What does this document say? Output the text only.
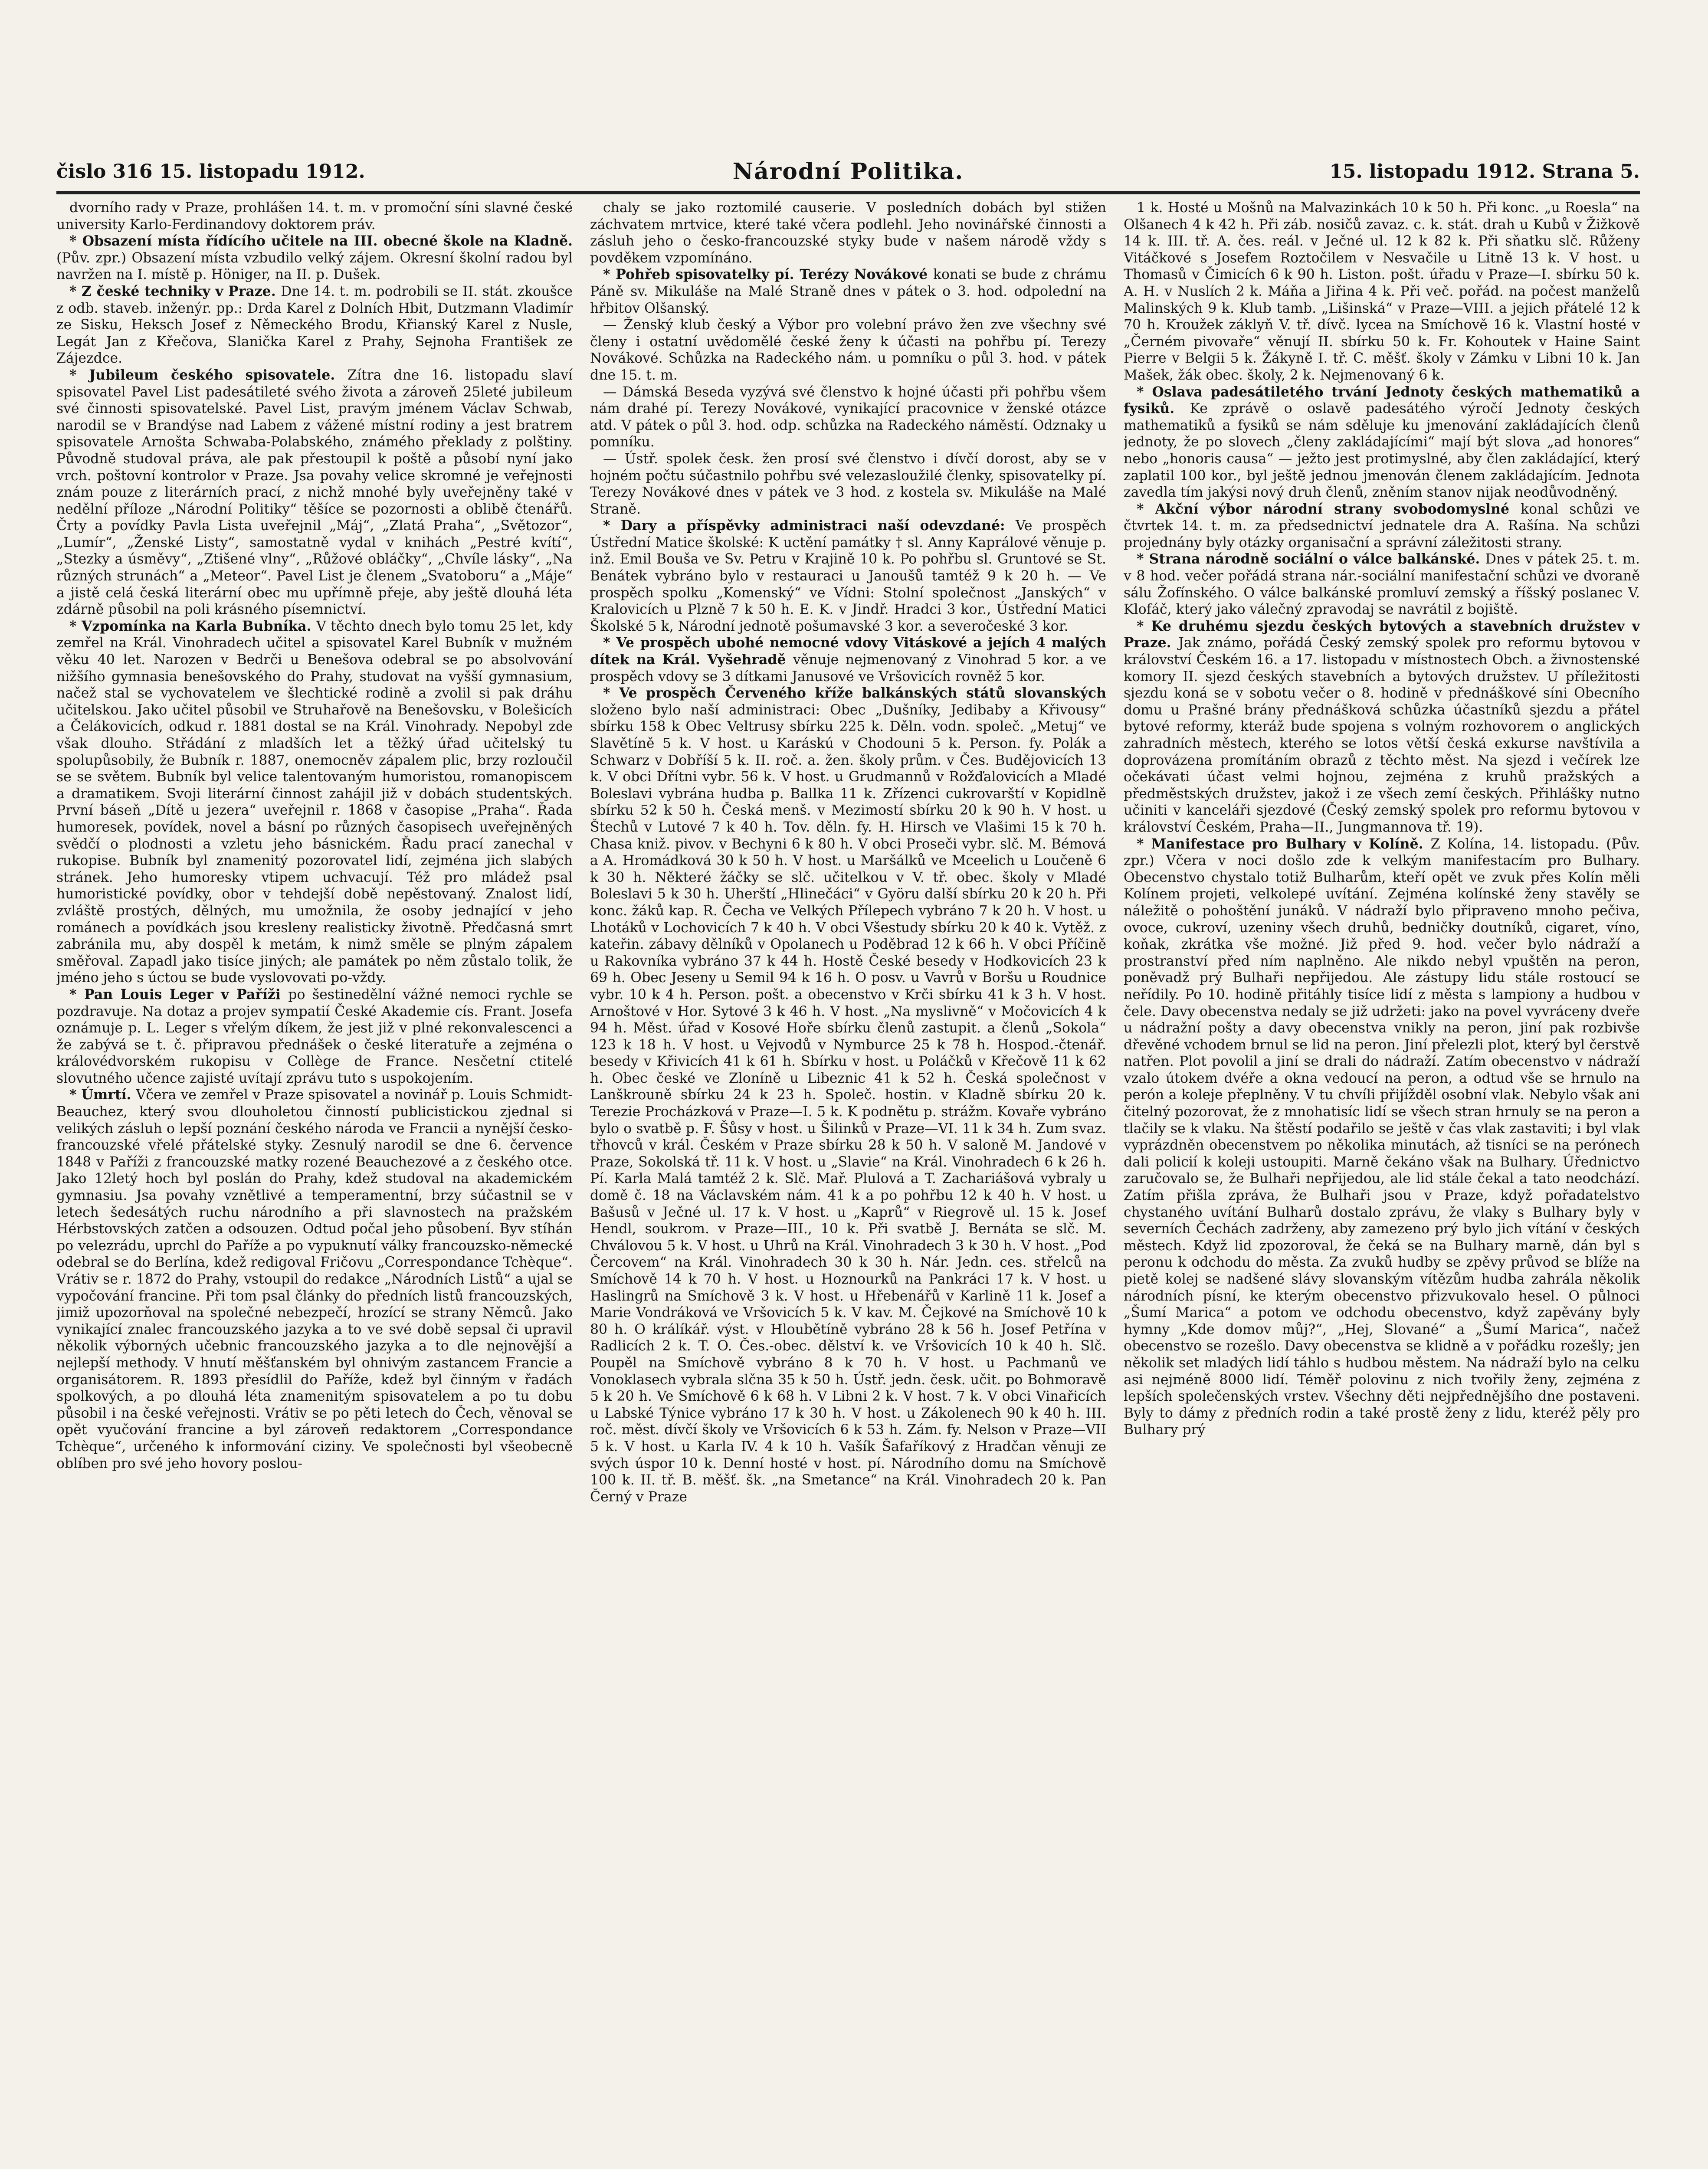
čislo 316 15. listopadu 1912.	Národní Politika.	15. listopadu 1912. Strana 5.

dvorního rady v Praze, prohlášen 14. t. m. v promoční síni slavné české university Karlo-Ferdinandovy doktorem práv.

* Obsazení místa řídícího učitele na III. obecné škole na Kladně. (Pův. zpr.) Obsazení místa vzbudilo velký zájem. Okresní školní radou byl navržen na I. místě p. Höniger, na II. p. Dušek.

* Z české techniky v Praze. Dne 14. t. m. podrobili se II. stát. zkoušce z odb. staveb. inženýr. pp.: Drda Karel z Dolních Hbit, Dutzmann Vladimír ze Sisku, Heksch Josef z Německého Brodu, Křianský Karel z Nusle, Legát Jan z Křečova, Slanička Karel z Prahy, Sejnoha František ze Zájezdce.

* Jubileum českého spisovatele. Zítra dne 16. listopadu slaví spisovatel Pavel List padesátileté svého života a zároveň 25leté jubileum své činnosti spisovatelské. Pavel List, pravým jménem Václav Schwab, narodil se v Brandýse nad Labem z vážené místní rodiny a jest bratrem spisovatele Arnošta Schwaba-Polabského, známého překlady z polštiny. Původně studoval práva, ale pak přestoupil k poště a působí nyní jako vrch. poštovní kontrolor v Praze. Jsa povahy velice skromné je veřejnosti znám pouze z literárních prací, z nichž mnohé byly uveřejněny také v nedělní příloze „Národní Politiky“ těšíce se pozornosti a oblibě čtenářů. Črty a povídky Pavla Lista uveřejnil „Máj“, „Zlatá Praha“, „Světozor“, „Lumír“, „Ženské Listy“, samostatně vydal v knihách „Pestré kvítí“, „Stezky a úsměvy“, „Ztišené vlny“, „Růžové obláčky“, „Chvíle lásky“, „Na různých strunách“ a „Meteor“. Pavel List je členem „Svatoboru“ a „Máje“ a jistě celá česká literární obec mu upřímně přeje, aby ještě dlouhá léta zdárně působil na poli krásného písemnictví.

* Vzpomínka na Karla Bubníka. V těchto dnech bylo tomu 25 let, kdy zemřel na Král. Vinohradech učitel a spisovatel Karel Bubník v mužném věku 40 let. Narozen v Bedrči u Benešova odebral se po absolvování nižšího gymnasia benešovského do Prahy, studovat na vyšší gymnasium, načež stal se vychovatelem ve šlechtické rodině a zvolil si pak dráhu učitelskou. Jako učitel působil ve Struhařově na Benešovsku, v Bolešicích a Čelákovicích, odkud r. 1881 dostal se na Král. Vinohrady. Nepobyl zde však dlouho. Střádání z mladších let a těžký úřad učitelský tu spolupůsobily, že Bubník r. 1887, onemocněv zápalem plic, brzy rozloučil se se světem. Bubník byl velice talentovaným humoristou, romanopiscem a dramatikem. Svoji literární činnost zahájil již v dobách studentských. První báseň „Dítě u jezera“ uveřejnil r. 1868 v časopise „Praha“. Řada humoresek, povídek, novel a básní po různých časopisech uveřejněných svědčí o plodnosti a vzletu jeho básnickém. Řadu prací zanechal v rukopise. Bubník byl znamenitý pozorovatel lidí, zejména jich slabých stránek. Jeho humoresky vtipem uchvacují. Též pro mládež psal humoristické povídky, obor v tehdejší době nepěstovaný. Znalost lidí, zvláště prostých, dělných, mu umožnila, že osoby jednající v jeho románech a povídkách jsou kresleny realisticky životně. Předčasná smrt zabránila mu, aby dospěl k metám, k nimž směle se plným zápalem směřoval. Zapadl jako tisíce jiných; ale památek po něm zůstalo tolik, že jméno jeho s úctou se bude vyslovovati po-vždy.

* Pan Louis Leger v Paříži po šestinedělní vážné nemoci rychle se pozdravuje. Na dotaz a projev sympatií České Akademie cís. Frant. Josefa oznámuje p. L. Leger s vřelým díkem, že jest již v plné rekonvalescenci a že zabývá se t. č. připravou přednášek o české literatuře a zejména o královédvorském rukopisu v Collège de France. Nesčetní ctitelé slovutného učence zajisté uvítají zprávu tuto s uspokojením.

* Úmrtí. Včera ve zemřel v Praze spisovatel a novinář p. Louis Schmidt-Beauchez, který svou dlouholetou činností publicistickou zjednal si velikých zásluh o lepší poznání českého národa ve Francii a nynější česko-francouzské vřelé přátelské styky. Zesnulý narodil se dne 6. července 1848 v Paříži z francouzské matky rozené Beauchezové a z českého otce. Jako 12letý hoch byl poslán do Prahy, kdež studoval na akademickém gymnasiu. Jsa povahy vznětlivé a temperamentní, brzy súčastnil se v letech šedesátých ruchu národního a při slavnostech na pražském Hérbstovských zatčen a odsouzen. Odtud počal jeho působení. Byv stíhán po velezrádu, uprchl do Paříže a po vypuknutí války francouzsko-německé odebral se do Berlína, kdež redigoval Fričovu „Correspondance Tchèque“. Vrátiv se r. 1872 do Prahy, vstoupil do redakce „Národních Listů“ a ujal se vypočování francine. Při tom psal články do předních listů francouzských, jimiž upozorňoval na společné nebezpečí, hrozící se strany Němců. Jako vynikající znalec francouzského jazyka a to ve své době sepsal či upravil několik výborných učebnic francouzského jazyka a to dle nejnovější a nejlepší methody. V hnutí měšťanském byl ohnivým zastancem Francie a organisátorem. R. 1893 přesídlil do Paříže, kdež byl činným v řadách spolkových, a po dlouhá léta znamenitým spisovatelem a po tu dobu působil i na české veřejnosti. Vrátiv se po pěti letech do Čech, věnoval se opět vyučování francine a byl zároveň redaktorem „Correspondance Tchèque“, určeného k informování ciziny. Ve společnosti byl všeobecně oblíben pro své jeho hovory poslou-

chaly se jako roztomilé causerie. V posledních dobách byl stižen záchvatem mrtvice, které také včera podlehl. Jeho novinářské činnosti a zásluh jeho o česko-francouzské styky bude v našem národě vždy s povděkem vzpomínáno.

* Pohřeb spisovatelky pí. Terézy Novákové konati se bude z chrámu Páně sv. Mikuláše na Malé Straně dnes v pátek o 3. hod. odpolední na hřbitov Olšanský.

— Ženský klub český a Výbor pro volební právo žen zve všechny své členy i ostatní uvědomělé české ženy k účasti na pohřbu pí. Terezy Novákové. Schůzka na Radeckého nám. u pomníku o půl 3. hod. v pátek dne 15. t. m.

— Dámská Beseda vyzývá své členstvo k hojné účasti při pohřbu všem nám drahé pí. Terezy Novákové, vynikající pracovnice v ženské otázce atd. V pátek o půl 3. hod. odp. schůzka na Radeckého náměstí. Odznaky u pomníku.

— Ústř. spolek česk. žen prosí své členstvo i dívčí dorost, aby se v hojném počtu súčastnilo pohřbu své velezasloužilé členky, spisovatelky pí. Terezy Novákové dnes v pátek ve 3 hod. z kostela sv. Mikuláše na Malé Straně.

* Dary a příspěvky administraci naší odevzdané: Ve prospěch Ústřední Matice školské: K uctění památky † sl. Anny Kaprálové věnuje p. inž. Emil Bouša ve Sv. Petru v Krajině 10 k. Po pohřbu sl. Gruntové se St. Benátek vybráno bylo v restauraci u Janoušů tamtéž 9 k 20 h. — Ve prospěch spolku „Komenský“ ve Vídni: Stolní společnost „Janských“ v Kralovicích u Plzně 7 k 50 h. E. K. v Jindř. Hradci 3 kor., Ústřední Matici Školské 5 k, Národní jednotě pošumavské 3 kor. a severočeské 3 kor.

* Ve prospěch ubohé nemocné vdovy Vitáskové a jejích 4 malých dítek na Král. Vyšehradě věnuje nejmenovaný z Vinohrad 5 kor. a ve prospěch vdovy se 3 dítkami Janusové ve Vršovicích rovněž 5 kor.

* Ve prospěch Červeného kříže balkánských států slovanských složeno bylo naší administraci: Obec „Dušníky, Jedibaby a Křivousy“ sbírku 158 k Obec Veltrusy sbírku 225 k. Děln. vodn. společ. „Metuj“ ve Slavětíně 5 k. V host. u Karáskú v Chodouni 5 k. Person. fy. Polák a Schwarz v Dobříší 5 k. II. roč. a. žen. školy prům. v Čes. Budějovicích 13 k. V obci Dřítni vybr. 56 k. V host. u Grudmannů v Rožďalovicích a Mladé Boleslavi vybrána hudba p. Ballka 11 k. Zřízenci cukrovarští v Kopidlně sbírku 52 k 50 h. Česká menš. v Mezimostí sbírku 20 k 90 h. V host. u Štechů v Lutové 7 k 40 h. Tov. děln. fy. H. Hirsch ve Vlašimi 15 k 70 h. Chasa kniž. pivov. v Bechyni 6 k 80 h. V obci Proseči vybr. slč. M. Bémová a A. Hromádková 30 k 50 h. V host. u Maršálků ve Mceelich u Loučeně 6 k 30 h. Některé žáčky se slč. učitelkou v V. tř. obec. školy v Mladé Boleslavi 5 k 30 h. Uherští „Hlinečáci“ v Györu další sbírku 20 k 20 h. Při konc. žáků kap. R. Čecha ve Velkých Přílepech vybráno 7 k 20 h. V host. u Lhotáků v Lochovicích 7 k 40 h. V obci Všestudy sbírku 20 k 40 k. Vytěž. z kateřin. zábavy dělníků v Opolanech u Poděbrad 12 k 66 h. V obci Příčině u Rakovníka vybráno 37 k 44 h. Hostě České besedy v Hodkovicích 23 k 69 h. Obec Jeseny u Semil 94 k 16 h. O posv. u Vavrů v Boršu u Roudnice vybr. 10 k 4 h. Person. pošt. a obecenstvo v Krči sbírku 41 k 3 h. V host. Arnoštové v Hor. Sytové 3 k 46 h. V host. „Na myslivně“ v Močovicích 4 k 94 h. Měst. úřad v Kosové Hoře sbírku členů zastupit. a členů „Sokola“ 123 k 18 h. V host. u Vejvodů v Nymburce 25 k 78 h. Hospod.-čtenář. besedy v Křivicích 41 k 61 h. Sbírku v host. u Poláčků v Křečově 11 k 62 h. Obec české ve Zloníně u Libeznic 41 k 52 h. Česká společnost v Lanškrouně sbírku 24 k 23 h. Společ. hostin. v Kladně sbírku 20 k. Terezie Procházková v Praze—I. 5 k. K podnětu p. strážm. Kovaře vybráno bylo o svatbě p. F. Šůsy v host. u Šilinků v Praze—VI. 11 k 34 h. Zum svaz. třhovců v král. Českém v Praze sbírku 28 k 50 h. V saloně M. Jandové v Praze, Sokolská tř. 11 k. V host. u „Slavie“ na Král. Vinohradech 6 k 26 h. Pí. Karla Malá tamtéž 2 k. Slč. Mař. Plulová a T. Zachariášová vybraly u domě č. 18 na Václavském nám. 41 k a po pohřbu 12 k 40 h. V host. u Bašusů v Ječné ul. 17 k. V host. u „Kaprů“ v Riegrově ul. 15 k. Josef Hendl, soukrom. v Praze—III., 10 k. Při svatbě J. Bernáta se slč. M. Chválovou 5 k. V host. u Uhrů na Král. Vinohradech 3 k 30 h. V host. „Pod Čercovem“ na Král. Vinohradech 30 k 30 h. Nár. Jedn. ces. střelců na Smíchově 14 k 70 h. V host. u Hoznourků na Pankráci 17 k. V host. u Haslingrů na Smíchově 3 k. V host. u Hřebenářů v Karlině 11 k. Josef a Marie Vondráková ve Vršovicích 5 k. V kav. M. Čejkové na Smíchově 10 k 80 h. O králíkář. výst. v Hloubětíně vybráno 28 k 56 h. Josef Petřína v Radlicích 2 k. T. O. Čes.-obec. dělství k. ve Vršovicích 10 k 40 h. Slč. Poupěl na Smíchově vybráno 8 k 70 h. V host. u Pachmanů ve Vonoklasech vybrala slčna 35 k 50 h. Ústř. jedn. česk. učit. po Bohmoravě 5 k 20 h. Ve Smíchově 6 k 68 h. V Libni 2 k. V host. 7 k. V obci Vinařicích u Labské Týnice vybráno 17 k 30 h. V host. u Zákolenech 90 k 40 h. III. roč. měst. dívčí školy ve Vršovicích 6 k 53 h. Zám. fy. Nelson v Praze—VII 5 k. V host. u Karla IV. 4 k 10 h. Vašík Šafaříkový z Hradčan věnuji ze svých úspor 10 k. Denní hosté v host. pí. Národního domu na Smíchově 100 k. II. tř. B. měšť. šk. „na Smetance“ na Král. Vinohradech 20 k. Pan Černý v Praze

1 k. Hosté u Mošnů na Malvazinkách 10 k 50 h. Při konc. „u Roesla“ na Olšanech 4 k 42 h. Při záb. nosičů zavaz. c. k. stát. drah u Kubů v Žižkově 14 k. III. tř. A. čes. reál. v Ječné ul. 12 k 82 k. Při sňatku slč. Růženy Vitáčkové s Josefem Roztočilem v Nesvačile u Litně 13 k. V host. u Thomasů v Čimicích 6 k 90 h. Liston. pošt. úřadu v Praze—I. sbírku 50 k. A. H. v Nuslích 2 k. Máňa a Jiřina 4 k. Při več. pořád. na počest manželů Malinských 9 k. Klub tamb. „Lišinská“ v Praze—VIII. a jejich přátelé 12 k 70 h. Kroužek záklyň V. tř. dívč. lycea na Smíchově 16 k. Vlastní hosté v „Černém pivovaře“ věnují II. sbírku 50 k. Fr. Kohoutek v Haine Saint Pierre v Belgii 5 k. Žákyně I. tř. C. měšť. školy v Zámku v Libni 10 k. Jan Mašek, žák obec. školy, 2 k. Nejmenovaný 6 k.

* Oslava padesátiletého trvání Jednoty českých mathematiků a fysiků. Ke zprávě o oslavě padesátého výročí Jednoty českých mathematiků a fysiků se nám sděluje ku jmenování zakládajících členů jednoty, že po slovech „členy zakládajícími“ mají být slova „ad honores“ nebo „honoris causa“ — ježto jest protimyslné, aby člen zakládající, který zaplatil 100 kor., byl ještě jednou jmenován členem zakládajícím. Jednota zavedla tím jakýsi nový druh členů, zněním stanov nijak neodůvodněný.

* Akční výbor národní strany svobodomyslné konal schůzi ve čtvrtek 14. t. m. za předsednictví jednatele dra A. Rašína. Na schůzi projednány byly otázky organisační a správní záležitosti strany.

* Strana národně sociální o válce balkánské. Dnes v pátek 25. t. m. v 8 hod. večer pořádá strana nár.-sociální manifestační schůzi ve dvoraně sálu Žofínského. O válce balkánské promluví zemský a říšský poslanec V. Klofáč, který jako válečný zpravodaj se navrátil z bojiště.

* Ke druhému sjezdu českých bytových a stavebních družstev v Praze. Jak známo, pořádá Český zemský spolek pro reformu bytovou v království Českém 16. a 17. listopadu v místnostech Obch. a živnostenské komory II. sjezd českých stavebních a bytových družstev. U příležitosti sjezdu koná se v sobotu večer o 8. hodině v přednáškové síni Obecního domu u Prašné brány přednášková schůzka účastníků sjezdu a přátel bytové reformy, kteráž bude spojena s volným rozhovorem o anglických zahradních městech, kterého se lotos větší česká exkurse navštívila a doprovázena promítáním obrazů z těchto měst. Na sjezd i večírek lze očekávati účast velmi hojnou, zejména z kruhů pražských a předměstských družstev, jakož i ze všech zemí českých. Přihlášky nutno učiniti v kanceláři sjezdové (Český zemský spolek pro reformu bytovou v království Českém, Praha—II., Jungmannova tř. 19).

* Manifestace pro Bulhary v Kolíně. Z Kolína, 14. listopadu. (Pův. zpr.) Včera v noci došlo zde k velkým manifestacím pro Bulhary. Obecenstvo chystalo totiž Bulharům, kteří opět ve zvuk přes Kolín měli Kolínem projeti, velkolepé uvítání. Zejména kolínské ženy stavěly se náležitě o pohoštění junáků. V nádraží bylo připraveno mnoho pečiva, ovoce, cukroví, uzeniny všech druhů, bedničky doutníků, cigaret, víno, koňak, zkrátka vše možné. Již před 9. hod. večer bylo nádraží a prostranství před ním naplněno. Ale nikdo nebyl vpuštěn na peron, poněvadž prý Bulhaři nepřijedou. Ale zástupy lidu stále rostoucí se neřídily. Po 10. hodině přitáhly tisíce lidí z města s lampiony a hudbou v čele. Davy obecenstva nedaly se již udržeti: jako na povel vyvráceny dveře u nádražní pošty a davy obecenstva vnikly na peron, jiní pak rozbivše dřevěné vchodem brnul se lid na peron. Jiní přelezli plot, který byl čerstvě natřen. Plot povolil a jiní se drali do nádraží. Zatím obecenstvo v nádraží vzalo útokem dvéře a okna vedoucí na peron, a odtud vše se hrnulo na perón a koleje přeplněny. V tu chvíli přijížděl osobní vlak. Nebylo však ani čitelný pozorovat, že z mnohatisíc lidí se všech stran hrnuly se na peron a tlačily se k vlaku. Na štěstí podařilo se ještě v čas vlak zastaviti; i byl vlak vyprázdněn obecenstvem po několika minutách, až tisníci se na perónech dali policií k koleji ustoupiti. Marně čekáno však na Bulhary. Úřednictvo zaručovalo se, že Bulhaři nepřijedou, ale lid stále čekal a tato neodchází. Zatím přišla zpráva, že Bulhaři jsou v Praze, když pořadatelstvo chystaného uvítání Bulharů dostalo zprávu, že vlaky s Bulhary byly v severních Čechách zadrženy, aby zamezeno prý bylo jich vítání v českých městech. Když lid zpozoroval, že čeká se na Bulhary marně, dán byl s peronu k odchodu do města. Za zvuků hudby se zpěvy průvod se blíže na pietě kolej se nadšené slávy slovanským vítězům hudba zahrála několik národních písní, ke kterým obecenstvo přizvukovalo hesel. O půlnoci „Šumí Marica“ a potom ve odchodu obecenstvo, když zapěvány byly hymny „Kde domov můj?“, „Hej, Slované“ a „Šumí Marica“, načež obecenstvo se rozešlo. Davy obecenstva se klidně a v pořádku rozešly; jen několik set mladých lidí táhlo s hudbou městem. Na nádraží bylo na celku asi nejméně 8000 lidí. Téměř polovinu z nich tvořily ženy, zejména z lepších společenských vrstev. Všechny děti nejpřednějšího dne postaveni. Byly to dámy z předních rodin a také prostě ženy z lidu, kteréž pěly pro Bulhary prý
